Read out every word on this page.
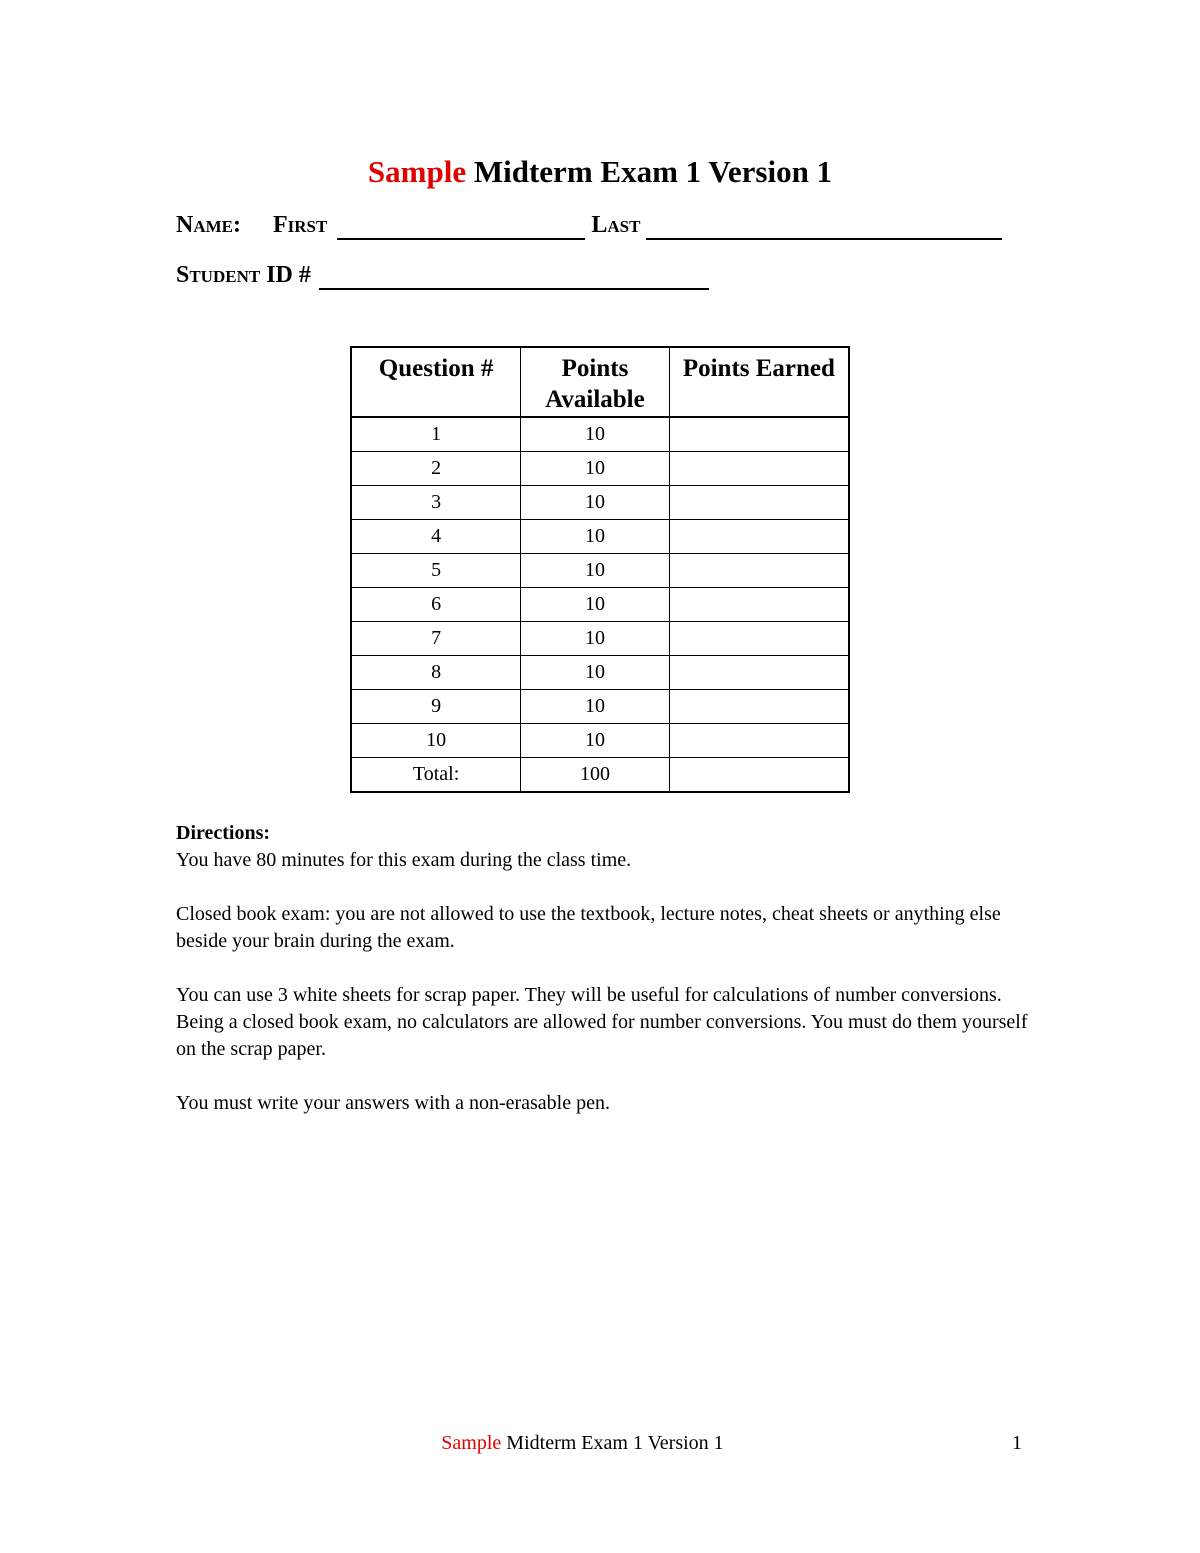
Sample Midterm Exam 1 Version 1
Name: First	Last
Student ID #
Question #	Points Available	Points Earned
1	10	
2	10	
3	10	
4	10	
5	10	
6	10	
7	10	
8	10	
9	10	
10	10	
Total:	100	
Directions:

You have 80 minutes for this exam during the class time.

Closed book exam: you are not allowed to use the textbook, lecture notes, cheat sheets or anything else beside your brain during the exam.

You can use 3 white sheets for scrap paper. They will be useful for calculations of number conversions. Being a closed book exam, no calculators are allowed for number conversions. You must do them yourself on the scrap paper.

You must write your answers with a non-erasable pen.

Sample Midterm Exam 1 Version 1	1
